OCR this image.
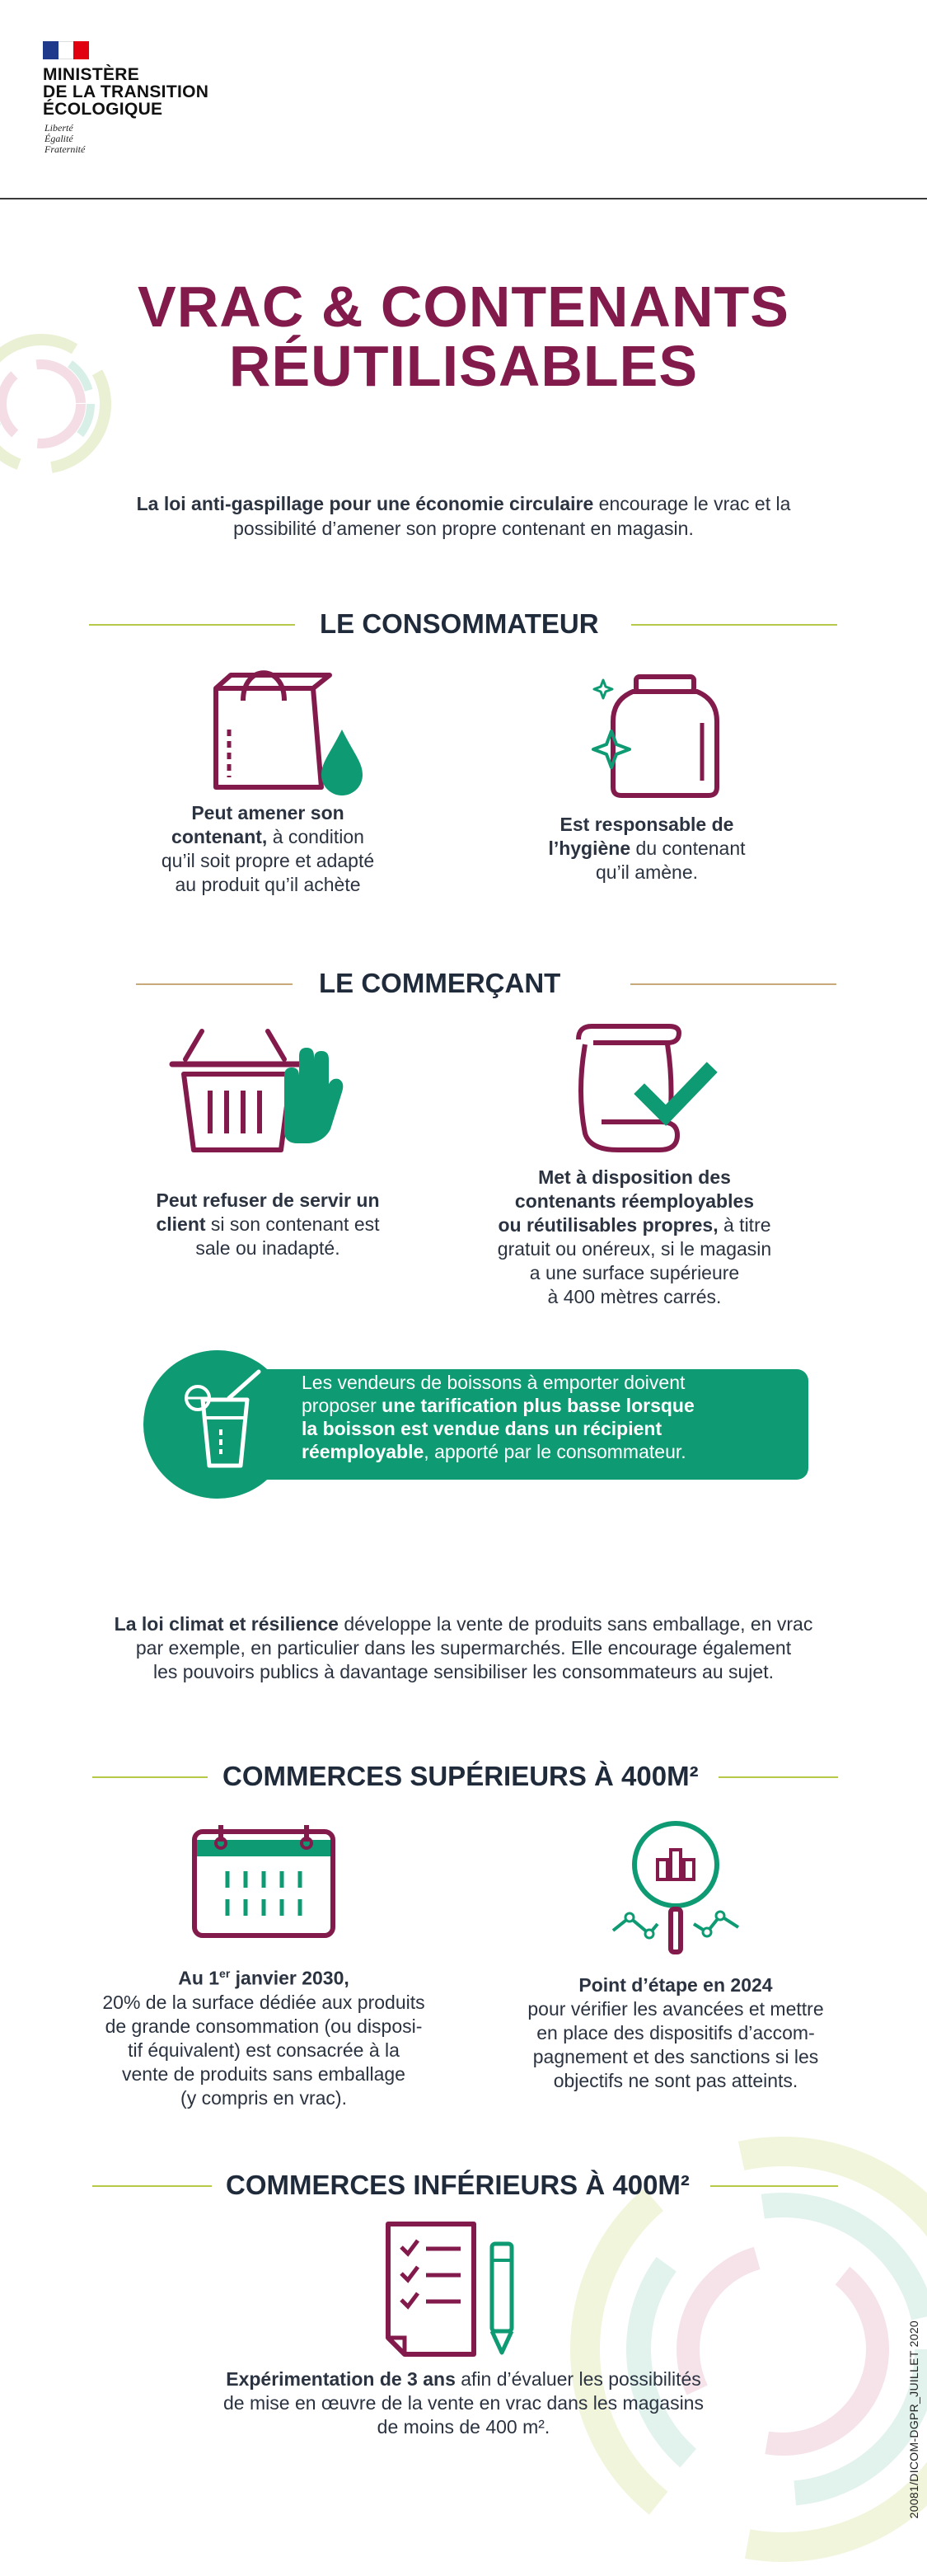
MINISTÈRE
DE LA TRANSITION
ÉCOLOGIQUE
Liberté
Égalité
Fraternité
VRAC & CONTENANTS
RÉUTILISABLES
La loi anti-gaspillage pour une économie circulaire encourage le vrac et la possibilité d’amener son propre contenant en magasin.
LE CONSOMMATEUR
Peut amener son
contenant, à condition
qu’il soit propre et adapté
au produit qu’il achète
Est responsable de
l’hygiène du contenant
qu’il amène.
LE COMMERÇANT
Peut refuser de servir un
client si son contenant est
sale ou inadapté.
Met à disposition des
contenants réemployables
ou réutilisables propres, à titre
gratuit ou onéreux, si le magasin
a une surface supérieure
à 400 mètres carrés.
Les vendeurs de boissons à emporter doivent
proposer une tarification plus basse lorsque
la boisson est vendue dans un récipient
réemployable, apporté par le consommateur.
La loi climat et résilience développe la vente de produits sans emballage, en vrac
par exemple, en particulier dans les supermarchés. Elle encourage également
les pouvoirs publics à davantage sensibiliser les consommateurs au sujet.
COMMERCES SUPÉRIEURS À 400M²
Au 1er janvier 2030,
20% de la surface dédiée aux produits
de grande consommation (ou disposi-
tif équivalent) est consacrée à la
vente de produits sans emballage
(y compris en vrac).
Point d’étape en 2024
pour vérifier les avancées et mettre
en place des dispositifs d’accom-
pagnement et des sanctions si les
objectifs ne sont pas atteints.
COMMERCES INFÉRIEURS À 400M²
Expérimentation de 3 ans afin d’évaluer les possibilités
de mise en œuvre de la vente en vrac dans les magasins
de moins de 400 m².	20081/DICOM-DGPR_JUILLET 2020
